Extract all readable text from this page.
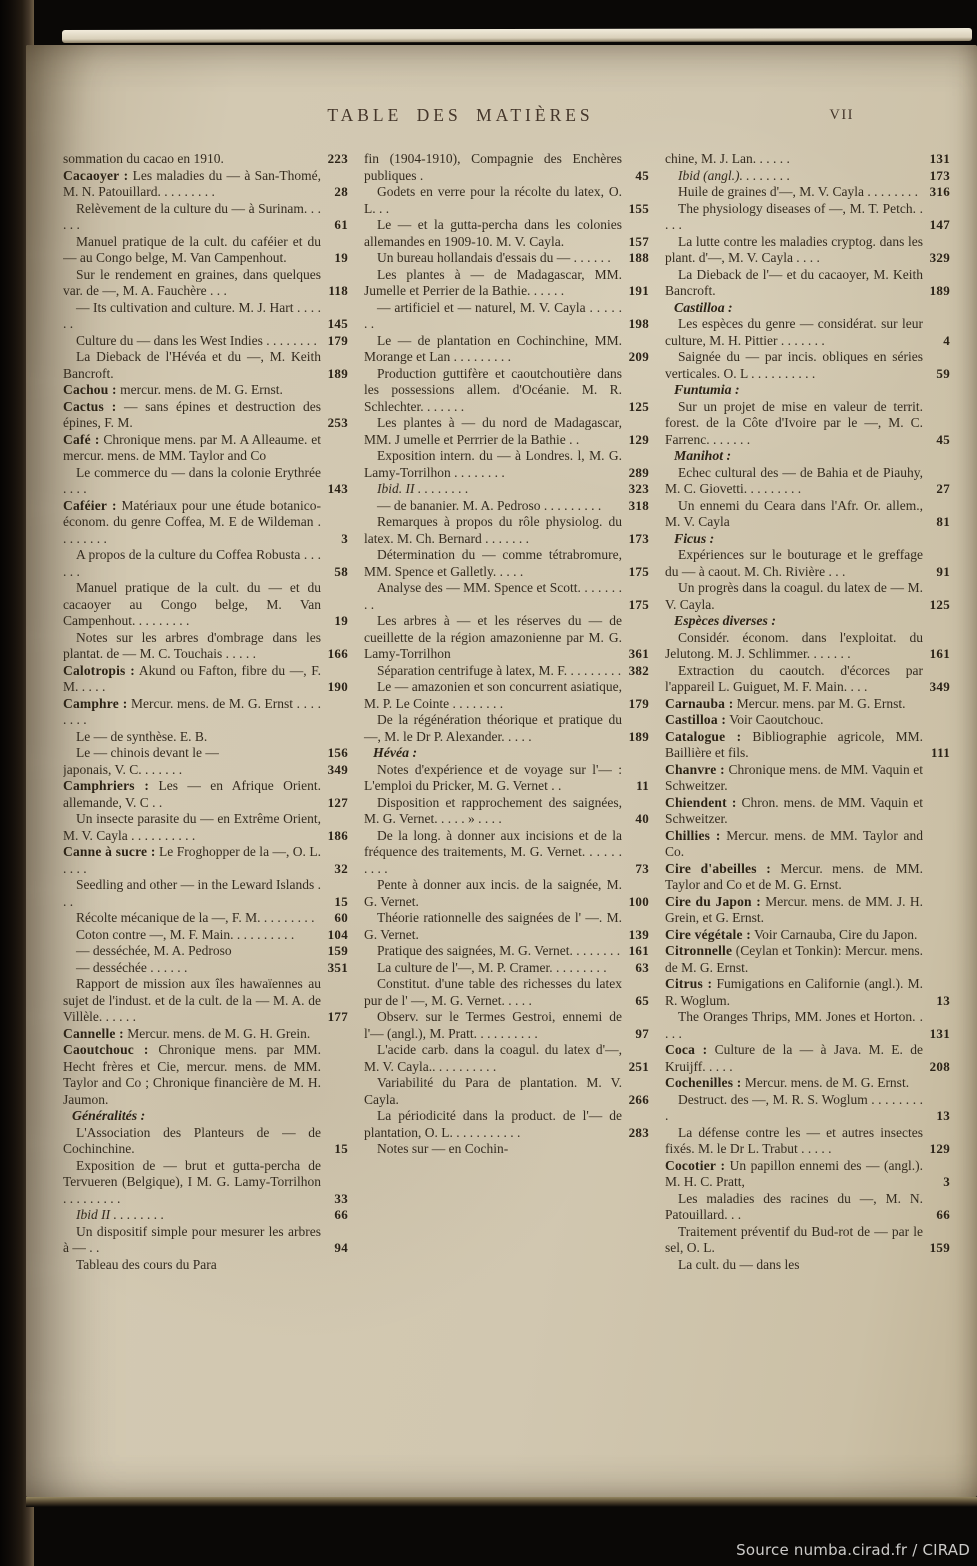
TABLE DES MATIÈRES	VII
sommation du cacao en 1910.	223
Cacaoyer : Les maladies du — à San-Thomé, M. N. Patouillard. . . . . . . . .	28
Relèvement de la culture du — à Surinam. . . . . .	61
Manuel pratique de la cult. du caféier et du — au Congo belge, M. Van Campenhout.	19
Sur le rendement en graines, dans quelques var. de —, M. A. Fauchère . . .	118
— Its cultivation and culture. M. J. Hart . . . . . .	145
Culture du — dans les West Indies . . . . . . . . 179
La Dieback de l'Hévéa et du —, M. Keith Bancroft.	189
Cachou : mercur. mens. de M. G. Ernst.
Cactus : — sans épines et destruction des épines, F. M.	253
Café : Chronique mens. par M. A Alleaume. et mercur. mens. de MM. Taylor and Co
Le commerce du — dans la colonie Erythrée . . . .	143
Caféier : Matériaux pour une étude botanico-économ. du genre Coffea, M. E de Wildeman . . . . . . . .	3
A propos de la culture du Coffea Robusta . . . . . .	58
Manuel pratique de la cult. du — et du cacaoyer au Congo belge, M. Van Campenhout. . . . . . . . .	19
Notes sur les arbres d'ombrage dans les plantat. de — M. C. Touchais . . . . .	166
Calotropis : Akund ou Fafton, fibre du —, F. M. . . . .	190
Camphre : Mercur. mens. de M. G. Ernst . . . . . . . .
Le — de synthèse. E. B.
Le — chinois devant le —	156
japonais, V. C. . . . . . .	349
Camphriers : Les — en Afrique Orient. allemande, V. C . .	127
Un insecte parasite du — en Extrême Orient, M. V. Cayla . . . . . . . . . .	186
Canne à sucre : Le Froghopper de la —, O. L. . . . .	32
Seedling and other — in the Leward Islands . . .	15
Récolte mécanique de la —, F. M. . . . . . . . .	60
Coton contre —, M. F. Main. . . . . . . . . .	104
— desséchée, M. A. Pedroso	159
— desséchée . . . . . .	351
Rapport de mission aux îles hawaïennes au sujet de l'indust. et de la cult. de la — M. A. de Villèle. . . . . .	177
Cannelle : Mercur. mens. de M. G. H. Grein.
Caoutchouc : Chronique mens. par MM. Hecht frères et Cie, mercur. mens. de MM. Taylor and Co ; Chronique financière de M. H. Jaumon.
Généralités :
L'Association des Planteurs de — de Cochinchine.	15
Exposition de — brut et gutta-percha de Tervueren (Belgique), I M. G. Lamy-Torrilhon . . . . . . . . .	33
Ibid II . . . . . . . .	66
Un dispositif simple pour mesurer les arbres à — . .	94
Tableau des cours du Para
fin (1904-1910), Compagnie des Enchères publiques .	45
Godets en verre pour la récolte du latex, O. L. . .	155
Le — et la gutta-percha dans les colonies allemandes en 1909-10. M. V. Cayla.	157
Un bureau hollandais d'essais du — . . . . . .	188
Les plantes à — de Madagascar, MM. Jumelle et Perrier de la Bathie. . . . . .	191
— artificiel et — naturel, M. V. Cayla . . . . . . .	198
Le — de plantation en Cochinchine, MM. Morange et Lan . . . . . . . . .	209
Production guttifère et caoutchoutière dans les possessions allem. d'Océanie. M. R. Schlechter. . . . . . .	125
Les plantes à — du nord de Madagascar, MM. J umelle et Perrrier de la Bathie . .	129
Exposition intern. du — à Londres. l, M. G. Lamy-Torrilhon . . . . . . . .	289
Ibid. II . . . . . . . .	323
— de bananier. M. A. Pedroso . . . . . . . . .	318
Remarques à propos du rôle physiolog. du latex. M. Ch. Bernard . . . . . . .	173
Détermination du — comme tétrabromure, MM. Spence et Galletly. . . . .	175
Analyse des — MM. Spence et Scott. . . . . . . . .	175
Les arbres à — et les réserves du — de cueillette de la région amazonienne par M. G. Lamy-Torrilhon	361
Séparation centrifuge à latex, M. F. . . . . . . . . 382
Le — amazonien et son concurrent asiatique, M. P. Le Cointe . . . . . . . .	179
De la régénération théorique et pratique du —, M. le Dr P. Alexander. . . . .	189
Hévéa :
Notes d'expérience et de voyage sur l'— : L'emploi du Pricker, M. G. Vernet . .	11
Disposition et rapprochement des saignées, M. G. Vernet. . . . . » . . . .	40
De la long. à donner aux incisions et de la fréquence des traitements, M. G. Vernet. . . . . . . . . .	73
Pente à donner aux incis. de la saignée, M. G. Vernet.	100
Théorie rationnelle des saignées de l' —. M. G. Vernet.	139
Pratique des saignées, M. G. Vernet. . . . . . . . 161
La culture de l'—, M. P. Cramer. . . . . . . . .	63
Constitut. d'une table des richesses du latex pur de l' —, M. G. Vernet. . . . .	65
Observ. sur le Termes Gestroi, ennemi de l'— (angl.), M. Pratt. . . . . . . . . .	97
L'acide carb. dans la coagul. du latex d'—, M. V. Cayla.. . . . . . . . . .	251
Variabilité du Para de plantation. M. V. Cayla.	266
La périodicité dans la product. de l'— de plantation, O. L. . . . . . . . . . .	283
Notes sur — en Cochin-
chine, M. J. Lan. . . . . .	131
Ibid (angl.). . . . . . . .	173
Huile de graines d'—, M. V. Cayla . . . . . . . . 316
The physiology diseases of —, M. T. Petch. . . . .	147
La lutte contre les maladies cryptog. dans les plant. d'—, M. V. Cayla . . . .	329
La Dieback de l'— et du cacaoyer, M. Keith Bancroft.	189
Castilloa :
Les espèces du genre — considérat. sur leur culture, M. H. Pittier . . . . . . .	4
Saignée du — par incis. obliques en séries verticales. O. L . . . . . . . . . .	59
Funtumia :
Sur un projet de mise en valeur de territ. forest. de la Côte d'Ivoire par le —, M. C. Farrenc. . . . . . .	45
Manihot :
Echec cultural des — de Bahia et de Piauhy, M. C. Giovetti. . . . . . . . .	27
Un ennemi du Ceara dans l'Afr. Or. allem., M. V. Cayla	81
Ficus :
Expériences sur le bouturage et le greffage du — à caout. M. Ch. Rivière . . .	91
Un progrès dans la coagul. du latex de — M. V. Cayla.	125
Espèces diverses :
Considér. économ. dans l'exploitat. du Jelutong. M. J. Schlimmer. . . . . . .	161
Extraction du caoutch. d'écorces par l'appareil L. Guiguet, M. F. Main. . . .	349
Carnauba : Mercur. mens. par M. G. Ernst.
Castilloa : Voir Caoutchouc.
Catalogue : Bibliographie agricole, MM. Baillière et fils.	111
Chanvre : Chronique mens. de MM. Vaquin et Schweitzer.
Chiendent : Chron. mens. de MM. Vaquin et Schweitzer.
Chillies : Mercur. mens. de MM. Taylor and Co.
Cire d'abeilles : Mercur. mens. de MM. Taylor and Co et de M. G. Ernst.
Cire du Japon : Mercur. mens. de MM. J. H. Grein, et G. Ernst.
Cire végétale : Voir Carnauba, Cire du Japon.
Citronnelle (Ceylan et Tonkin): Mercur. mens. de M. G. Ernst.
Citrus : Fumigations en Californie (angl.). M. R. Woglum.	13
The Oranges Thrips, MM. Jones et Horton. . . . .	131
Coca : Culture de la — à Java. M. E. de Kruijff. . . . .	208
Cochenilles : Mercur. mens. de M. G. Ernst.
Destruct. des —, M. R. S. Woglum . . . . . . . . .	13
La défense contre les — et autres insectes fixés. M. le Dr L. Trabut . . . . .	129
Cocotier : Un papillon ennemi des — (angl.). M. H. C. Pratt,	3
Les maladies des racines du —, M. N. Patouillard. . .	66
Traitement préventif du Bud-rot de — par le sel, O. L.	159
La cult. du — dans les
Source numba.cirad.fr / CIRAD
